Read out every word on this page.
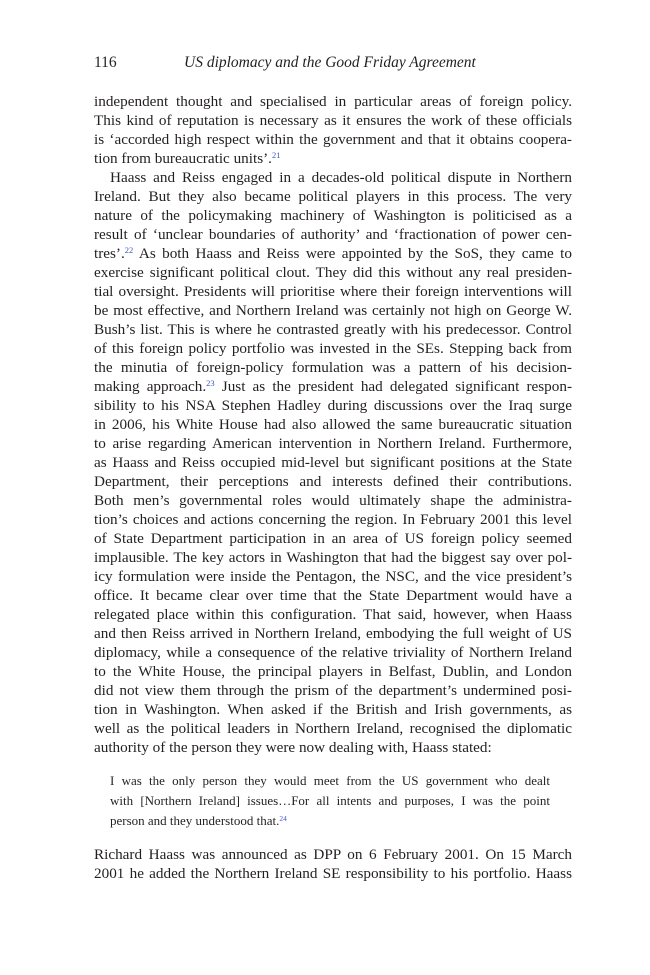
116	US diplomacy and the Good Friday Agreement
independent thought and specialised in particular areas of foreign policy.
This kind of reputation is necessary as it ensures the work of these officials
is ‘accorded high respect within the government and that it obtains coopera-
tion from bureaucratic units’.$^{21}$
Haass and Reiss engaged in a decades-old political dispute in Northern
Ireland. But they also became political players in this process. The very
nature of the policymaking machinery of Washington is politicised as a
result of ‘unclear boundaries of authority’ and ‘fractionation of power cen-
tres’.$^{22}$ As both Haass and Reiss were appointed by the SoS, they came to
exercise significant political clout. They did this without any real presiden-
tial oversight. Presidents will prioritise where their foreign interventions will
be most effective, and Northern Ireland was certainly not high on George W.
Bush’s list. This is where he contrasted greatly with his predecessor. Control
of this foreign policy portfolio was invested in the SEs. Stepping back from
the minutia of foreign-policy formulation was a pattern of his decision-
making approach.$^{23}$ Just as the president had delegated significant respon-
sibility to his NSA Stephen Hadley during discussions over the Iraq surge
in 2006, his White House had also allowed the same bureaucratic situation
to arise regarding American intervention in Northern Ireland. Furthermore,
as Haass and Reiss occupied mid-level but significant positions at the State
Department, their perceptions and interests defined their contributions.
Both men’s governmental roles would ultimately shape the administra-
tion’s choices and actions concerning the region. In February 2001 this level
of State Department participation in an area of US foreign policy seemed
implausible. The key actors in Washington that had the biggest say over pol-
icy formulation were inside the Pentagon, the NSC, and the vice president’s
office. It became clear over time that the State Department would have a
relegated place within this configuration. That said, however, when Haass
and then Reiss arrived in Northern Ireland, embodying the full weight of US
diplomacy, while a consequence of the relative triviality of Northern Ireland
to the White House, the principal players in Belfast, Dublin, and London
did not view them through the prism of the department’s undermined posi-
tion in Washington. When asked if the British and Irish governments, as
well as the political leaders in Northern Ireland, recognised the diplomatic
authority of the person they were now dealing with, Haass stated:
I was the only person they would meet from the US government who dealt
with [Northern Ireland] issues…For all intents and purposes, I was the point
person and they understood that.$^{24}$
Richard Haass was announced as DPP on 6 February 2001. On 15 March
2001 he added the Northern Ireland SE responsibility to his portfolio. Haass
